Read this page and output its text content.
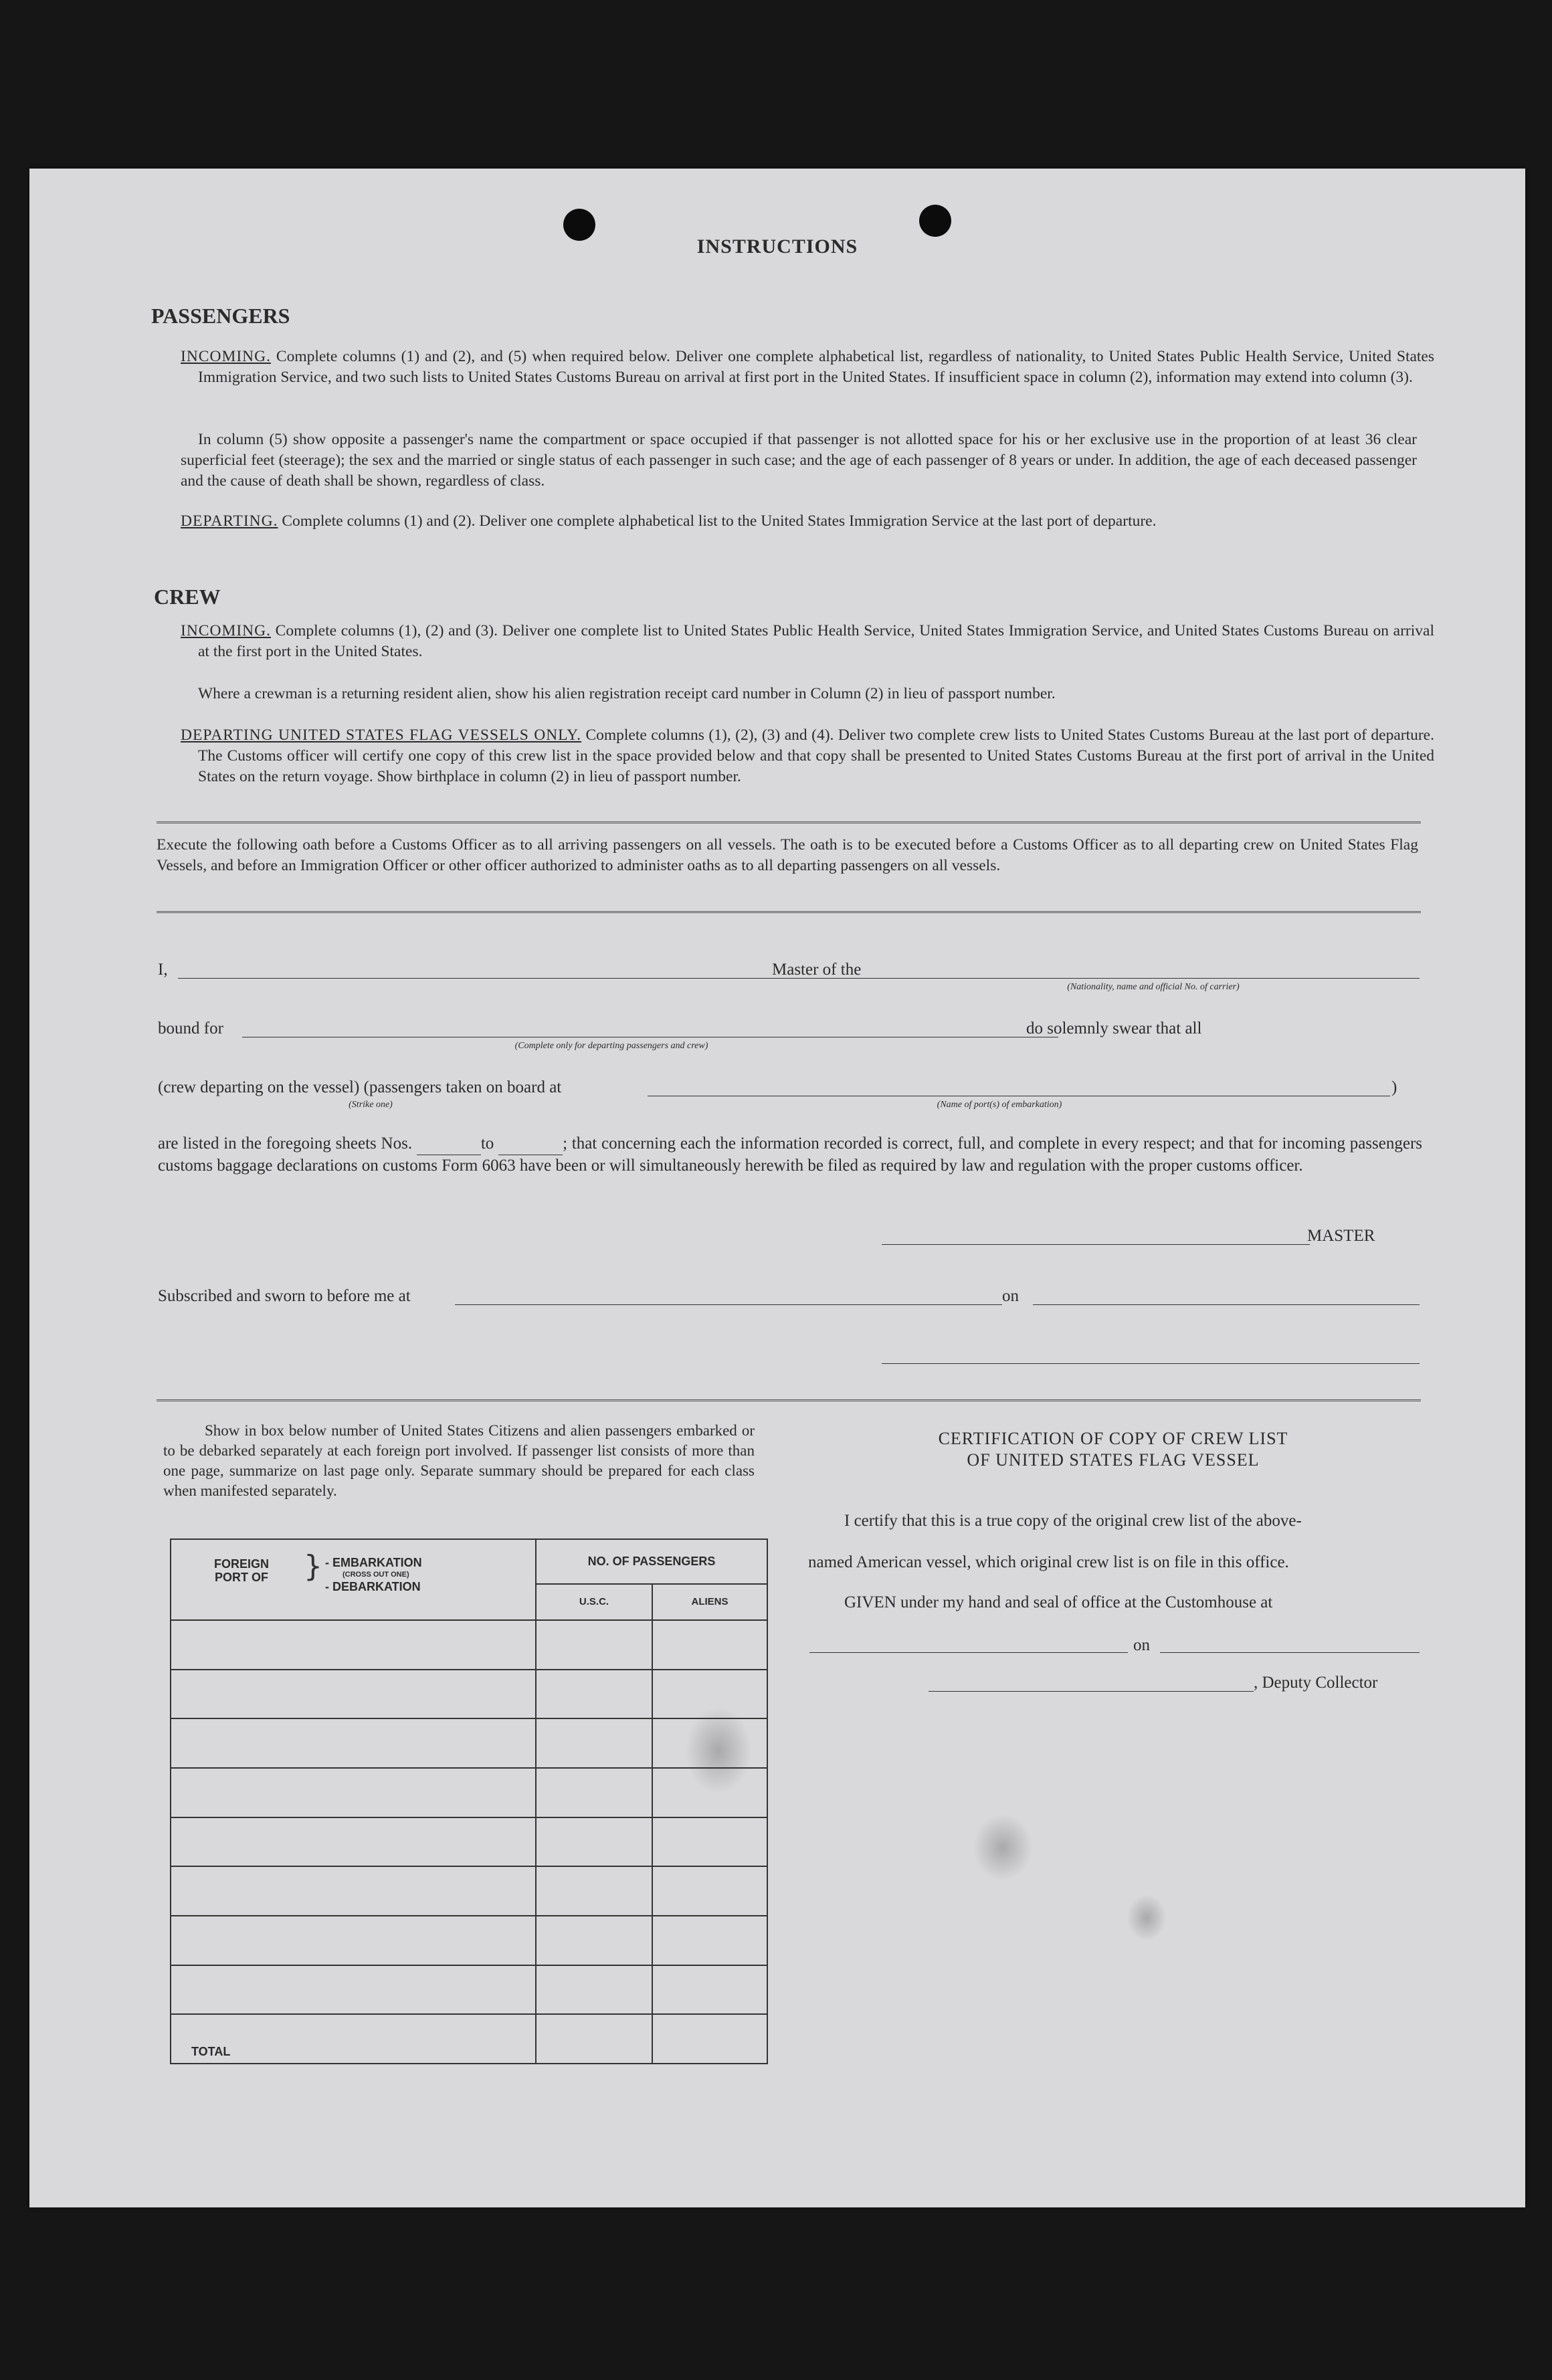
INSTRUCTIONS
PASSENGERS
INCOMING. Complete columns (1) and (2), and (5) when required below. Deliver one complete alphabetical list, regardless of nationality, to United States Public Health Service, United States Immigration Service, and two such lists to United States Customs Bureau on arrival at first port in the United States. If insufficient space in column (2), information may extend into column (3).
In column (5) show opposite a passenger's name the compartment or space occupied if that passenger is not allotted space for his or her exclusive use in the proportion of at least 36 clear superficial feet (steerage); the sex and the married or single status of each passenger in such case; and the age of each passenger of 8 years or under. In addition, the age of each deceased passenger and the cause of death shall be shown, regardless of class.
DEPARTING. Complete columns (1) and (2). Deliver one complete alphabetical list to the United States Immigration Service at the last port of departure.
CREW
INCOMING. Complete columns (1), (2) and (3). Deliver one complete list to United States Public Health Service, United States Immigration Service, and United States Customs Bureau on arrival at the first port in the United States.
Where a crewman is a returning resident alien, show his alien registration receipt card number in Column (2) in lieu of passport number.
DEPARTING UNITED STATES FLAG VESSELS ONLY. Complete columns (1), (2), (3) and (4). Deliver two complete crew lists to United States Customs Bureau at the last port of departure. The Customs officer will certify one copy of this crew list in the space provided below and that copy shall be presented to United States Customs Bureau at the first port of arrival in the United States on the return voyage. Show birthplace in column (2) in lieu of passport number.
Execute the following oath before a Customs Officer as to all arriving passengers on all vessels. The oath is to be executed before a Customs Officer as to all departing crew on United States Flag Vessels, and before an Immigration Officer or other officer authorized to administer oaths as to all departing passengers on all vessels.
I,	Master of the
(Nationality, name and official No. of carrier)
bound for	do solemnly swear that all
(Complete only for departing passengers and crew)
(crew departing on the vessel) (passengers taken on board at	)
(Strike one)	(Name of port(s) of embarkation)
are listed in the foregoing sheets Nos.	to	; that concerning each the information recorded is correct, full, and complete in every respect; and that for incoming passengers customs baggage declarations on customs Form 6063 have been or will simultaneously herewith be filed as required by law and regulation with the proper customs officer.
MASTER
Subscribed and sworn to before me at	on
Show in box below number of United States Citizens and alien passengers embarked or to be debarked separately at each foreign port involved. If passenger list consists of more than one page, summarize on last page only. Separate summary should be prepared for each class when manifested separately.
FOREIGN PORT OF } - EMBARKATION
(CROSS OUT ONE)
- DEBARKATION	NO. OF PASSENGERS	
	U.S.C.	ALIENS

TOTAL		
CERTIFICATION OF COPY OF CREW LIST
OF UNITED STATES FLAG VESSEL
I certify that this is a true copy of the original crew list of the above-
named American vessel, which original crew list is on file in this office.
GIVEN under my hand and seal of office at the Customhouse at
on
, Deputy Collector
